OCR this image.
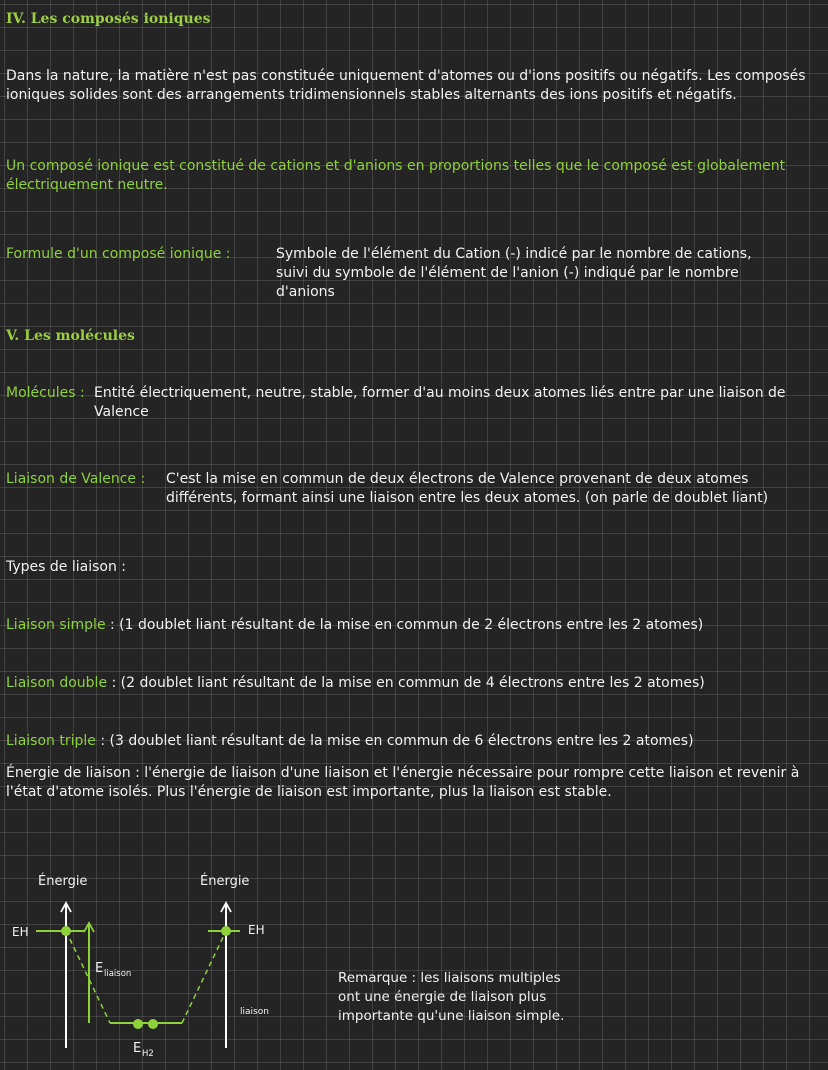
IV. Les composés ioniques
Dans la nature, la matière n'est pas constituée uniquement d'atomes ou d'ions positifs ou négatifs. Les composés ioniques solides sont des arrangements tridimensionnels stables alternants des ions positifs et négatifs.
Un composé ionique est constitué de cations et d'anions en proportions telles que le composé est globalement électriquement neutre.
Formule d'un composé ionique :	Symbole de l'élément du Cation (-) indicé par le nombre de cations, suivi du symbole de l'élément de l'anion (-) indiqué par le nombre d'anions
V. Les molécules
Molécules : Entité électriquement, neutre, stable, former d'au moins deux atomes liés entre par une liaison de Valence
Liaison de Valence : C'est la mise en commun de deux électrons de Valence provenant de deux atomes différents, formant ainsi une liaison entre les deux atomes. (on parle de doublet liant)
Types de liaison :
Liaison simple : (1 doublet liant résultant de la mise en commun de 2 électrons entre les 2 atomes)
Liaison double : (2 doublet liant résultant de la mise en commun de 4 électrons entre les 2 atomes)
Liaison triple : (3 doublet liant résultant de la mise en commun de 6 électrons entre les 2 atomes)
Énergie de liaison : l'énergie de liaison d'une liaison et l'énergie nécessaire pour rompre cette liaison et revenir à l'état d'atome isolés. Plus l'énergie de liaison est importante, plus la liaison est stable.
Énergie	Énergie
EH	EH
E liaison
liaison
E H2
Remarque : les liaisons multiples ont une énergie de liaison plus importante qu'une liaison simple.
